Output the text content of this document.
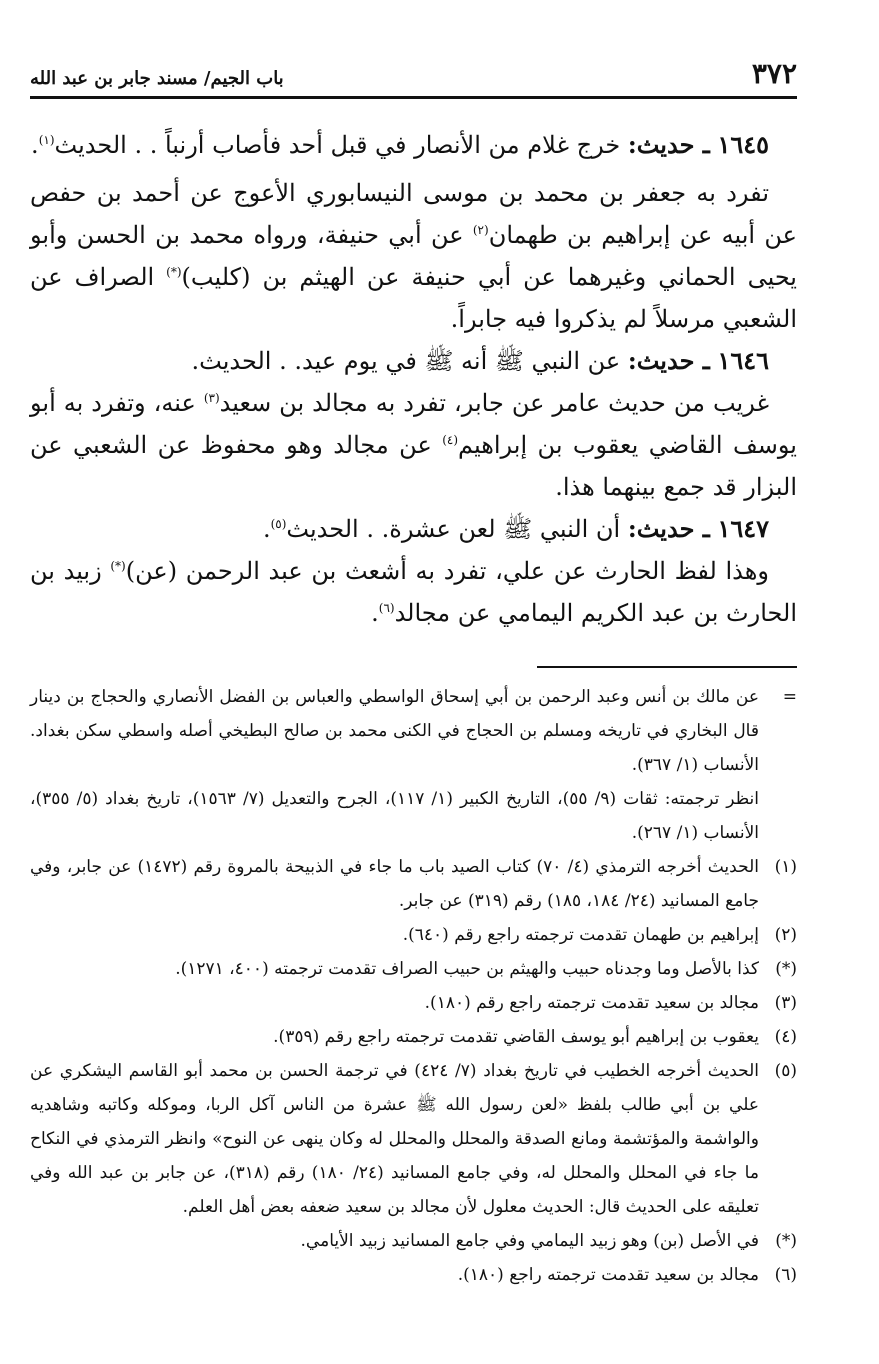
٣٧٢
باب الجيم/ مسند جابر بن عبد الله

١٦٤٥ ـ حديث: خرج غلام من الأنصار في قبل أحد فأصاب أرنباً . . الحديث$^{(١)}$.

تفرد به جعفر بن محمد بن موسى النيسابوري الأعوج عن أحمد بن حفص عن أبيه عن إبراهيم بن طهمان$^{(٢)}$ عن أبي حنيفة، ورواه محمد بن الحسن وأبو يحيى الحماني وغيرهما عن أبي حنيفة عن الهيثم بن (كليب)(*) الصراف عن الشعبي مرسلاً لم يذكروا فيه جابراً.

١٦٤٦ ـ حديث: عن النبي ﷺ أنه ﷺ في يوم عيد. . الحديث.

غريب من حديث عامر عن جابر، تفرد به مجالد بن سعيد$^{(٣)}$ عنه، وتفرد به أبو يوسف القاضي يعقوب بن إبراهيم$^{(٤)}$ عن مجالد وهو محفوظ عن الشعبي عن البزار قد جمع بينهما هذا.

١٦٤٧ ـ حديث: أن النبي ﷺ لعن عشرة. . الحديث$^{(٥)}$.

وهذا لفظ الحارث عن علي، تفرد به أشعث بن عبد الرحمن (عن)(*) زبيد بن الحارث بن عبد الكريم اليمامي عن مجالد$^{(٦)}$.

=
عن مالك بن أنس وعبد الرحمن بن أبي إسحاق الواسطي والعباس بن الفضل الأنصاري والحجاج بن دينار قال البخاري في تاريخه ومسلم بن الحجاج في الكنى محمد بن صالح البطيخي أصله واسطي سكن بغداد. الأنساب (١/ ٣٦٧).

انظر ترجمته: ثقات (٩/ ٥٥)، التاريخ الكبير (١/ ١١٧)، الجرح والتعديل (٧/ ١٥٦٣)، تاريخ بغداد (٥/ ٣٥٥)، الأنساب (١/ ٢٦٧).

(١)
الحديث أخرجه الترمذي (٤/ ٧٠) كتاب الصيد باب ما جاء في الذبيحة بالمروة رقم (١٤٧٢) عن جابر، وفي جامع المسانيد (٢٤/ ١٨٤، ١٨٥) رقم (٣١٩) عن جابر.

(٢)
إبراهيم بن طهمان تقدمت ترجمته راجع رقم (٦٤٠).

(*)
كذا بالأصل وما وجدناه حبيب والهيثم بن حبيب الصراف تقدمت ترجمته (٤٠٠، ١٢٧١).

(٣)
مجالد بن سعيد تقدمت ترجمته راجع رقم (١٨٠).

(٤)
يعقوب بن إبراهيم أبو يوسف القاضي تقدمت ترجمته راجع رقم (٣٥٩).

(٥)
الحديث أخرجه الخطيب في تاريخ بغداد (٧/ ٤٢٤) في ترجمة الحسن بن محمد أبو القاسم اليشكري عن علي بن أبي طالب بلفظ «لعن رسول الله ﷺ عشرة من الناس آكل الربا، وموكله وكاتبه وشاهديه والواشمة والمؤتشمة ومانع الصدقة والمحلل والمحلل له وكان ينهى عن النوح» وانظر الترمذي في النكاح ما جاء في المحلل والمحلل له، وفي جامع المسانيد (٢٤/ ١٨٠) رقم (٣١٨)، عن جابر بن عبد الله وفي تعليقه على الحديث قال: الحديث معلول لأن مجالد بن سعيد ضعفه بعض أهل العلم.

(*)
في الأصل (بن) وهو زبيد اليمامي وفي جامع المسانيد زبيد الأيامي.

(٦)
مجالد بن سعيد تقدمت ترجمته راجع (١٨٠).
